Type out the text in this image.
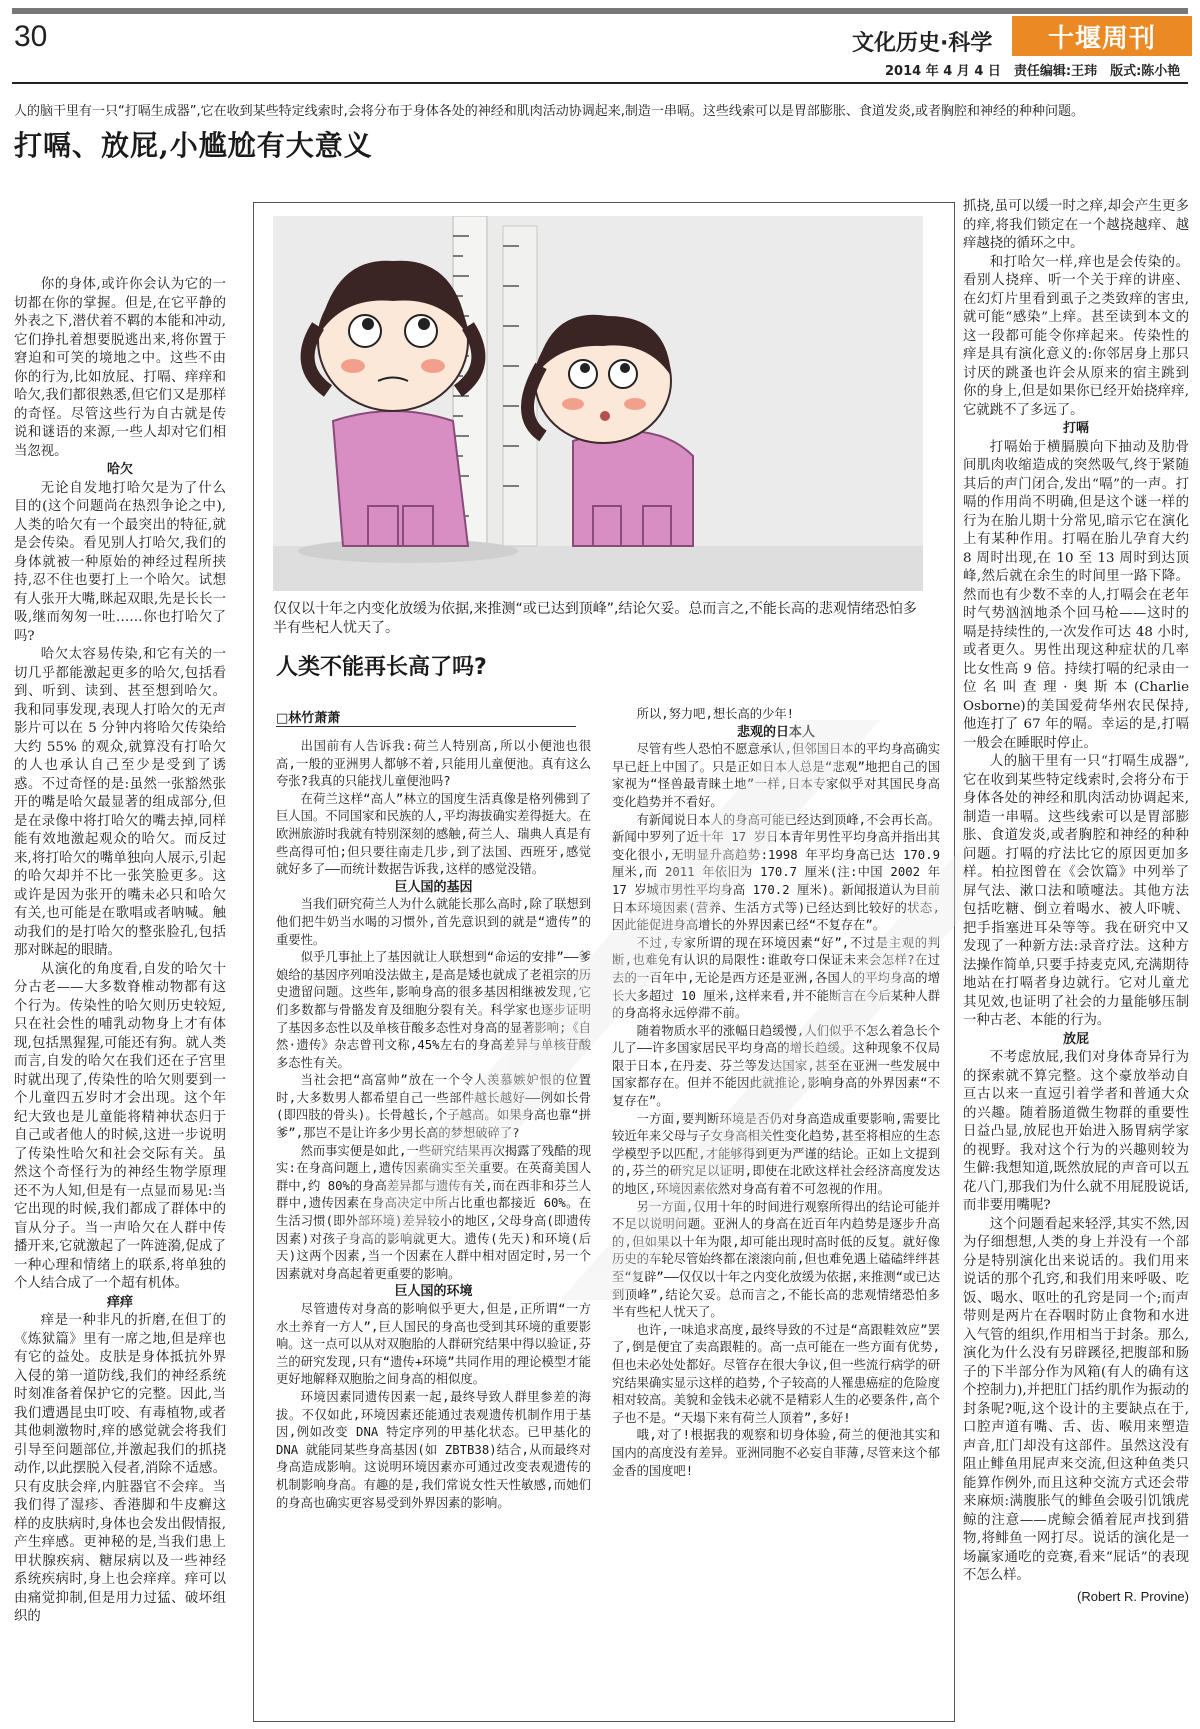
30	文化历史·科学	十堰周刊
2014 年 4 月 4 日　责任编辑:王玮　版式:陈小艳
人的脑干里有一只“打嗝生成器”,它在收到某些特定线索时,会将分布于身体各处的神经和肌肉活动协调起来,制造一串嗝。这些线索可以是胃部膨胀、食道发炎,或者胸腔和神经的种种问题。
打嗝、放屁,小尴尬有大意义

你的身体,或许你会认为它的一切都在你的掌握。但是,在它平静的外表之下,潜伏着不羁的本能和冲动,它们挣扎着想要脱逃出来,将你置于窘迫和可笑的境地之中。这些不由你的行为,比如放屁、打嗝、痒痒和哈欠,我们都很熟悉,但它们又是那样的奇怪。尽管这些行为自古就是传说和谜语的来源,一些人却对它们相当忽视。

哈欠

无论自发地打哈欠是为了什么目的(这个问题尚在热烈争论之中),人类的哈欠有一个最突出的特征,就是会传染。看见别人打哈欠,我们的身体就被一种原始的神经过程所挟持,忍不住也要打上一个哈欠。试想有人张开大嘴,眯起双眼,先是长长一吸,继而匆匆一吐……你也打哈欠了吗?

哈欠太容易传染,和它有关的一切几乎都能激起更多的哈欠,包括看到、听到、读到、甚至想到哈欠。我和同事发现,表现人打哈欠的无声影片可以在 5 分钟内将哈欠传染给大约 55% 的观众,就算没有打哈欠的人也承认自己至少是受到了诱惑。不过奇怪的是:虽然一张豁然张开的嘴是哈欠最显著的组成部分,但是在录像中将打哈欠的嘴去掉,同样能有效地激起观众的哈欠。而反过来,将打哈欠的嘴单独向人展示,引起的哈欠却并不比一张笑脸更多。这或许是因为张开的嘴未必只和哈欠有关,也可能是在歌唱或者呐喊。触动我们的是打哈欠的整张脸孔,包括那对眯起的眼睛。

从演化的角度看,自发的哈欠十分古老——大多数脊椎动物都有这个行为。传染性的哈欠则历史较短,只在社会性的哺乳动物身上才有体现,包括黑猩猩,可能还有狗。就人类而言,自发的哈欠在我们还在子宫里时就出现了,传染性的哈欠则要到一个儿童四五岁时才会出现。这个年纪大致也是儿童能将精神状态归于自己或者他人的时候,这进一步说明了传染性哈欠和社会交际有关。虽然这个奇怪行为的神经生物学原理还不为人知,但是有一点显而易见:当它出现的时候,我们都成了群体中的盲从分子。当一声哈欠在人群中传播开来,它就激起了一阵涟漪,促成了一种心理和情绪上的联系,将单独的个人结合成了一个超有机体。

痒痒

痒是一种非凡的折磨,在但丁的《炼狱篇》里有一席之地,但是痒也有它的益处。皮肤是身体抵抗外界入侵的第一道防线,我们的神经系统时刻准备着保护它的完整。因此,当我们遭遇昆虫叮咬、有毒植物,或者其他刺激物时,痒的感觉就会将我们引导至问题部位,并激起我们的抓挠动作,以此摆脱入侵者,消除不适感。只有皮肤会痒,内脏器官不会痒。当我们得了湿疹、香港脚和牛皮癣这样的皮肤病时,身体也会发出假情报,产生痒感。更神秘的是,当我们患上甲状腺疾病、糖尿病以及一些神经系统疾病时,身上也会痒痒。痒可以由痛觉抑制,但是用力过猛、破坏组织的

仅仅以十年之内变化放缓为依据,来推测“或已达到顶峰”,结论欠妥。总而言之,不能长高的悲观情绪恐怕多半有些杞人忧天了。
人类不能再长高了吗?
□林竹萧萧

出国前有人告诉我:荷兰人特别高,所以小便池也很高,一般的亚洲男人都够不着,只能用儿童便池。真有这么夸张?我真的只能找儿童便池吗?

在荷兰这样“高人”林立的国度生活真像是格列佛到了巨人国。不同国家和民族的人,平均海拔确实差得挺大。在欧洲旅游时我就有特别深刻的感触,荷兰人、瑞典人真是有些高得可怕;但只要往南走几步,到了法国、西班牙,感觉就好多了——而统计数据告诉我,这样的感觉没错。

巨人国的基因

当我们研究荷兰人为什么就能长那么高时,除了联想到他们把牛奶当水喝的习惯外,首先意识到的就是“遗传”的重要性。

似乎几事扯上了基因就让人联想到“命运的安排”——爹娘给的基因序列咱没法做主,是高是矮也就成了老祖宗的历史遗留问题。这些年,影响身高的很多基因相继被发现,它们多数都与骨骼发育及细胞分裂有关。科学家也逐步证明了基因多态性以及单核苷酸多态性对身高的显著影响;《自然·遗传》杂志曾刊文称,45%左右的身高差异与单核苷酸多态性有关。

当社会把“高富帅”放在一个令人羡慕嫉妒恨的位置时,大多数男人都希望自己一些部件越长越好——例如长骨(即四肢的骨头)。长骨越长,个子越高。如果身高也靠“拼爹”,那岂不是让许多少男长高的梦想破碎了?

然而事实便是如此,一些研究结果再次揭露了残酷的现实:在身高问题上,遗传因素确实至关重要。在英裔美国人群中,约 80%的身高差异都与遗传有关,而在西非和芬兰人群中,遗传因素在身高决定中所占比重也都接近 60%。在生活习惯(即外部环境)差异较小的地区,父母身高(即遗传因素)对孩子身高的影响就更大。遗传(先天)和环境(后天)这两个因素,当一个因素在人群中相对固定时,另一个因素就对身高起着更重要的影响。

巨人国的环境

尽管遗传对身高的影响似乎更大,但是,正所谓“一方水土养育一方人”,巨人国民的身高也受到其环境的重要影响。这一点可以从对双胞胎的人群研究结果中得以验证,芬兰的研究发现,只有“遗传+环境”共同作用的理论模型才能更好地解释双胞胎之间身高的相似度。

环境因素同遗传因素一起,最终导致人群里参差的海拔。不仅如此,环境因素还能通过表观遗传机制作用于基因,例如改变 DNA 特定序列的甲基化状态。已甲基化的 DNA 就能同某些身高基因(如 ZBTB38)结合,从而最终对身高造成影响。这说明环境因素亦可通过改变表观遗传的机制影响身高。有趣的是,我们常说女性天性敏感,而她们的身高也确实更容易受到外界因素的影响。

所以,努力吧,想长高的少年!

悲观的日本人

尽管有些人恐怕不愿意承认,但邻国日本的平均身高确实早已赶上中国了。只是正如日本人总是“悲观”地把自己的国家视为“怪兽最青睐土地”一样,日本专家似乎对其国民身高变化趋势并不看好。

有新闻说日本人的身高可能已经达到顶峰,不会再长高。新闻中罗列了近十年 17 岁日本青年男性平均身高并指出其变化很小,无明显升高趋势:1998 年平均身高已达 170.9 厘米,而 2011 年依旧为 170.7 厘米(注:中国 2002 年 17 岁城市男性平均身高 170.2 厘米)。新闻报道认为目前日本环境因素(营养、生活方式等)已经达到比较好的状态,因此能促进身高增长的外界因素已经“不复存在”。

不过,专家所谓的现在环境因素“好”,不过是主观的判断,也难免有认识的局限性:谁敢夸口保证未来会怎样?在过去的一百年中,无论是西方还是亚洲,各国人的平均身高的增长大多超过 10 厘米,这样来看,并不能断言在今后某种人群的身高将永远停滞不前。

随着物质水平的涨幅日趋缓慢,人们似乎不怎么着急长个儿了——许多国家居民平均身高的增长趋缓。这种现象不仅局限于日本,在丹麦、芬兰等发达国家,甚至在亚洲一些发展中国家都存在。但并不能因此就推论,影响身高的外界因素“不复存在”。

一方面,要判断环境是否仍对身高造成重要影响,需要比较近年来父母与子女身高相关性变化趋势,甚至将相应的生态学模型予以匹配,才能够得到更为严谨的结论。正如上文提到的,芬兰的研究足以证明,即使在北欧这样社会经济高度发达的地区,环境因素依然对身高有着不可忽视的作用。

另一方面,仅用十年的时间进行观察所得出的结论可能并不足以说明问题。亚洲人的身高在近百年内趋势是逐步升高的,但如果以十年为限,却可能出现时高时低的反复。就好像历史的车轮尽管始终都在滚滚向前,但也难免遇上磕磕绊绊甚至“复辟”——仅仅以十年之内变化放缓为依据,来推测“或已达到顶峰”,结论欠妥。总而言之,不能长高的悲观情绪恐怕多半有些杞人忧天了。

也许,一味追求高度,最终导致的不过是“高跟鞋效应”罢了,倒是便宜了卖高跟鞋的。高一点可能在一些方面有优势,但也未必处处都好。尽管存在很大争议,但一些流行病学的研究结果确实显示这样的趋势,个子较高的人罹患癌症的危险度相对较高。美貌和金钱未必就不是精彩人生的必要条件,高个子也不是。“天塌下来有荷兰人顶着”,多好!

哦,对了!根据我的观察和切身体验,荷兰的便池其实和国内的高度没有差异。亚洲同胞不必妄自菲薄,尽管来这个郁金香的国度吧!

抓挠,虽可以缓一时之痒,却会产生更多的痒,将我们锁定在一个越挠越痒、越痒越挠的循环之中。

和打哈欠一样,痒也是会传染的。看别人挠痒、听一个关于痒的讲座、在幻灯片里看到虱子之类致痒的害虫,就可能“感染”上痒。甚至读到本文的这一段都可能令你痒起来。传染性的痒是具有演化意义的:你邻居身上那只讨厌的跳蚤也许会从原来的宿主跳到你的身上,但是如果你已经开始挠痒痒,它就跳不了多远了。

打嗝

打嗝始于横膈膜向下抽动及肋骨间肌肉收缩造成的突然吸气,终于紧随其后的声门闭合,发出“嗝”的一声。打嗝的作用尚不明确,但是这个谜一样的行为在胎儿期十分常见,暗示它在演化上有某种作用。打嗝在胎儿孕育大约 8 周时出现,在 10 至 13 周时到达顶峰,然后就在余生的时间里一路下降。然而也有少数不幸的人,打嗝会在老年时气势汹汹地杀个回马枪——这时的嗝是持续性的,一次发作可达 48 小时,或者更久。男性出现这种症状的几率比女性高 9 倍。持续打嗝的纪录由一位名叫查理·奥斯本(Charlie Osborne)的美国爱荷华州农民保持,他连打了 67 年的嗝。幸运的是,打嗝一般会在睡眠时停止。

人的脑干里有一只“打嗝生成器”,它在收到某些特定线索时,会将分布于身体各处的神经和肌肉活动协调起来,制造一串嗝。这些线索可以是胃部膨胀、食道发炎,或者胸腔和神经的种种问题。打嗝的疗法比它的原因更加多样。柏拉图曾在《会饮篇》中列举了屏气法、漱口法和喷嚏法。其他方法包括吃糖、倒立着喝水、被人吓唬、把手指塞进耳朵等等。我在研究中又发现了一种新方法:录音疗法。这种方法操作简单,只要手持麦克风,充满期待地站在打嗝者身边就行。它对儿童尤其见效,也证明了社会的力量能够压制一种古老、本能的行为。

放屁

不考虑放屁,我们对身体奇异行为的探索就不算完整。这个豪放举动自亘古以来一直逗引着学者和普通大众的兴趣。随着肠道微生物群的重要性日益凸显,放屁也开始进入肠胃病学家的视野。我对这个行为的兴趣则较为生僻:我想知道,既然放屁的声音可以五花八门,那我们为什么就不用屁股说话,而非要用嘴呢?

这个问题看起来轻浮,其实不然,因为仔细想想,人类的身上并没有一个部分是特别演化出来说话的。我们用来说话的那个孔窍,和我们用来呼吸、吃饭、喝水、呕吐的孔窍是同一个;而声带则是两片在吞咽时防止食物和水进入气管的组织,作用相当于封条。那么,演化为什么没有另辟蹊径,把腹部和肠子的下半部分作为风箱(有人的确有这个控制力),并把肛门括约肌作为振动的封条呢?呃,这个设计的主要缺点在于,口腔声道有嘴、舌、齿、喉用来塑造声音,肛门却没有这部件。虽然这没有阻止鲱鱼用屁声来交流,但这种鱼类只能算作例外,而且这种交流方式还会带来麻烦:满腹胀气的鲱鱼会吸引饥饿虎鲸的注意——虎鲸会循着屁声找到猎物,将鲱鱼一网打尽。说话的演化是一场赢家通吃的竞赛,看来“屁话”的表现不怎么样。

(Robert R. Provine)
